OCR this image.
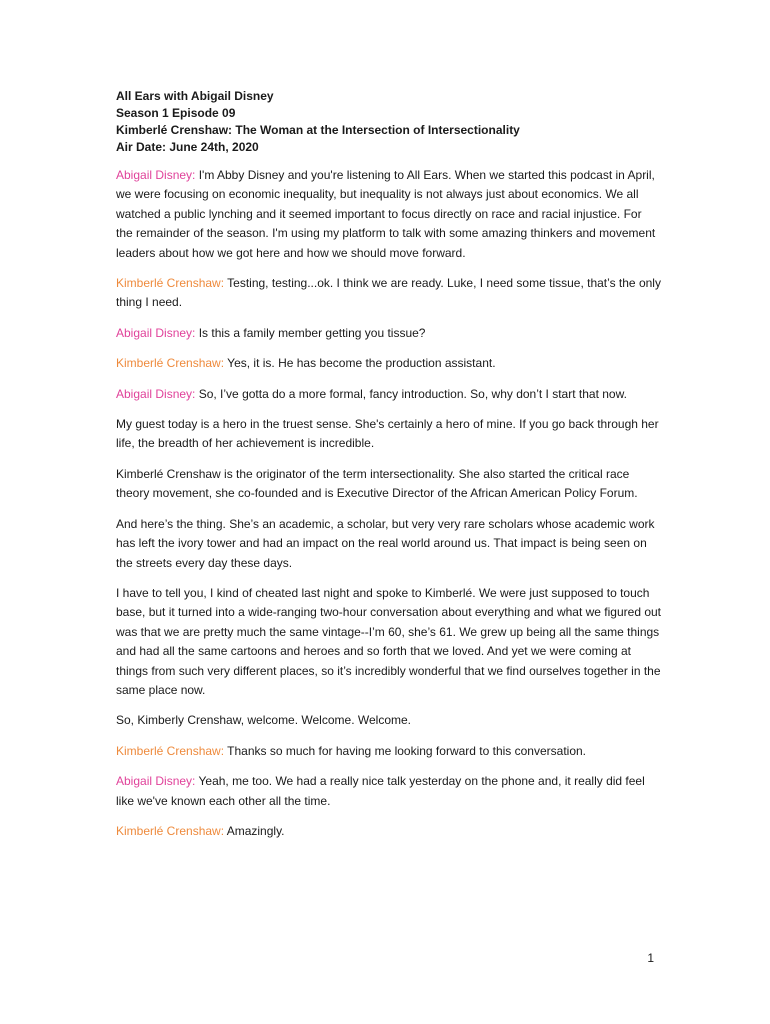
All Ears with Abigail Disney
Season 1 Episode 09
Kimberlé Crenshaw: The Woman at the Intersection of Intersectionality
Air Date: June 24th, 2020

Abigail Disney: I'm Abby Disney and you're listening to All Ears. When we started this podcast in April, we were focusing on economic inequality, but inequality is not always just about economics. We all watched a public lynching and it seemed important to focus directly on race and racial injustice. For the remainder of the season. I'm using my platform to talk with some amazing thinkers and movement leaders about how we got here and how we should move forward.

Kimberlé Crenshaw: Testing, testing...ok. I think we are ready. Luke, I need some tissue, that’s the only thing I need.

Abigail Disney: Is this a family member getting you tissue?

Kimberlé Crenshaw: Yes, it is. He has become the production assistant.

Abigail Disney: So, I’ve gotta do a more formal, fancy introduction. So, why don’t I start that now.

My guest today is a hero in the truest sense. She's certainly a hero of mine. If you go back through her life, the breadth of her achievement is incredible.

Kimberlé Crenshaw is the originator of the term intersectionality. She also started the critical race theory movement, she co-founded and is Executive Director of the African American Policy Forum.

And here’s the thing. She’s an academic, a scholar, but very very rare scholars whose academic work has left the ivory tower and had an impact on the real world around us. That impact is being seen on the streets every day these days.

I have to tell you, I kind of cheated last night and spoke to Kimberlé. We were just supposed to touch base, but it turned into a wide-ranging two-hour conversation about everything and what we figured out was that we are pretty much the same vintage--I’m 60, she’s 61. We grew up being all the same things and had all the same cartoons and heroes and so forth that we loved. And yet we were coming at things from such very different places, so it’s incredibly wonderful that we find ourselves together in the same place now.

So, Kimberly Crenshaw, welcome. Welcome. Welcome.

Kimberlé Crenshaw: Thanks so much for having me looking forward to this conversation.

Abigail Disney: Yeah, me too. We had a really nice talk yesterday on the phone and, it really did feel like we've known each other all the time.

Kimberlé Crenshaw: Amazingly.

1
